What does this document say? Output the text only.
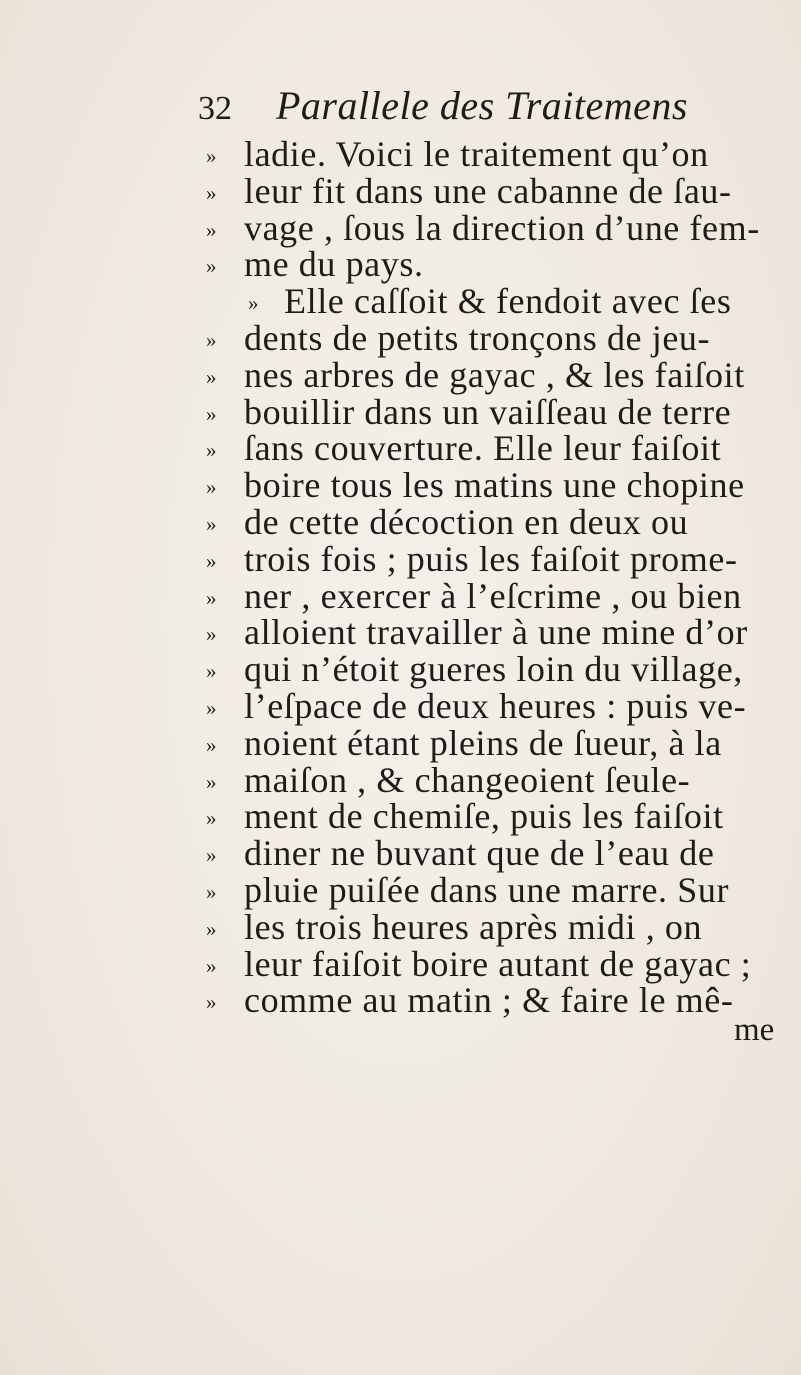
32 Parallele des Traitemens
» ladie. Voici le traitement qu’on
» leur fit dans une cabanne de ſau-
» vage , ſous la direction d’une fem-
» me du pays.
» Elle caſſoit & fendoit avec ſes
» dents de petits tronçons de jeu-
» nes arbres de gayac , & les faiſoit
» bouillir dans un vaiſſeau de terre
» ſans couverture. Elle leur faiſoit
» boire tous les matins une chopine
» de cette décoction en deux ou
» trois fois ; puis les faiſoit prome-
» ner , exercer à l’eſcrime , ou bien
» alloient travailler à une mine d’or
» qui n’étoit gueres loin du village,
» l’eſpace de deux heures : puis ve-
» noient étant pleins de ſueur, à la
» maiſon , & changeoient ſeule-
» ment de chemiſe, puis les faiſoit
» diner ne buvant que de l’eau de
» pluie puiſée dans une marre. Sur
» les trois heures après midi , on
» leur faiſoit boire autant de gayac ;
» comme au matin ; & faire le mê-
me
